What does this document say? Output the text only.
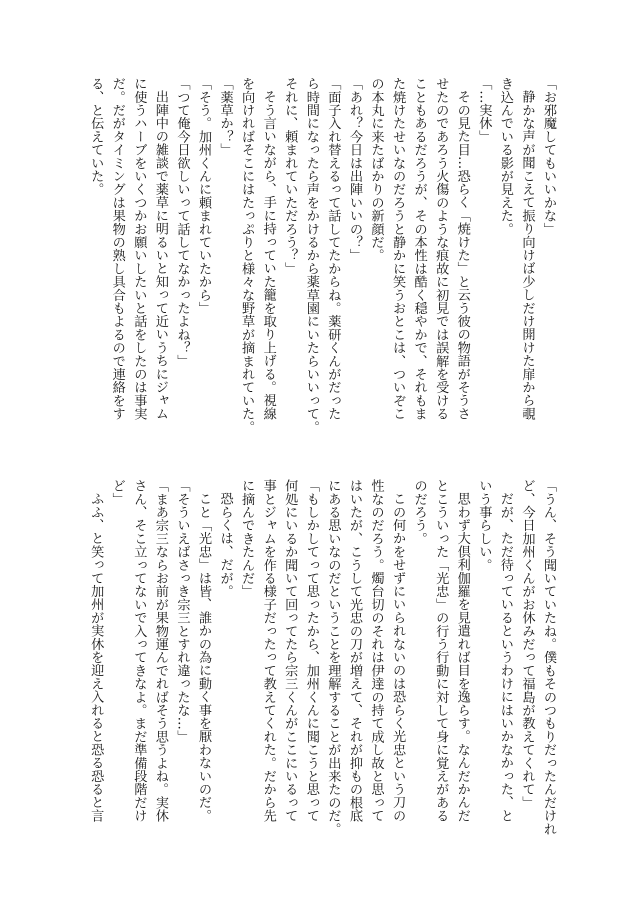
「お邪魔してもいいかな」
静かな声が聞こえて振り向けば少しだけ開けた扉から覗
き込んでいる影が見えた。
「…実休」
その見た目…恐らく「焼けた」と云う彼の物語がそうさ
せたのであろう火傷のような痕故に初見では誤解を受ける
こともあるだろうが、その本性は酷く穏やかで、それもま
た焼けたせいなのだろうと静かに笑うおとこは、ついぞこ
の本丸に来たばかりの新顔だ。
「あれ？今日は出陣いいの？」
「面子入れ替えるって話してたからね。薬研くんがだった
ら時間になったら声をかけるから薬草園にいたらいいって。
それに、頼まれていただろう？」
そう言いながら、手に持っていた籠を取り上げる。視線
を向ければそこにはたっぷりと様々な野草が摘まれていた。
「薬草か？」
「そう。加州くんに頼まれていたから」
「つて俺今日欲しいって話してなかったよね？」
出陣中の雑談で薬草に明るいと知って近いうちにジャム
に使うハーブをいくつかお願いしたいと話をしたのは事実
だ。だがタイミングは果物の熟し具合もよるので連絡をす
る、と伝えていた。
「うん、そう聞いていたね。僕もそのつもりだったんだけれ
ど、今日加州くんがお休みだって福島が教えてくれて」
だが、ただ待っているというわけにはいかなかった、と
いう事らしい。
思わず大倶利伽羅を見遣れば目を逸らす。なんだかんだ
とこういった「光忠」の行う行動に対して身に覚えがある
のだろう。
この何かをせずにいられないのは恐らく光忠という刀の
性なのだろう。燭台切のそれは伊達の持て成し故と思って
はいたが、こうして光忠の刀が増えて、それが抑もの根底
にある思いなのだということを理解することが出来たのだ。
「もしかしてって思ったから、加州くんに聞こうと思って
何処にいるか聞いて回ってたら宗三くんがここにいるって
事とジャムを作る様子だったって教えてくれた。だから先
に摘んできたんだ」
恐らくは、だが。
こと「光忠」は皆、誰かの為に動く事を厭わないのだ。
「そういえばさっき宗三とすれ違ったな…」
「まあ宗三ならお前が果物運んでればそう思うよね。実休
さん、そこ立ってないで入ってきなよ。まだ準備段階だけ
ど」
ふふ、と笑って加州が実休を迎え入れると恐る恐ると言
